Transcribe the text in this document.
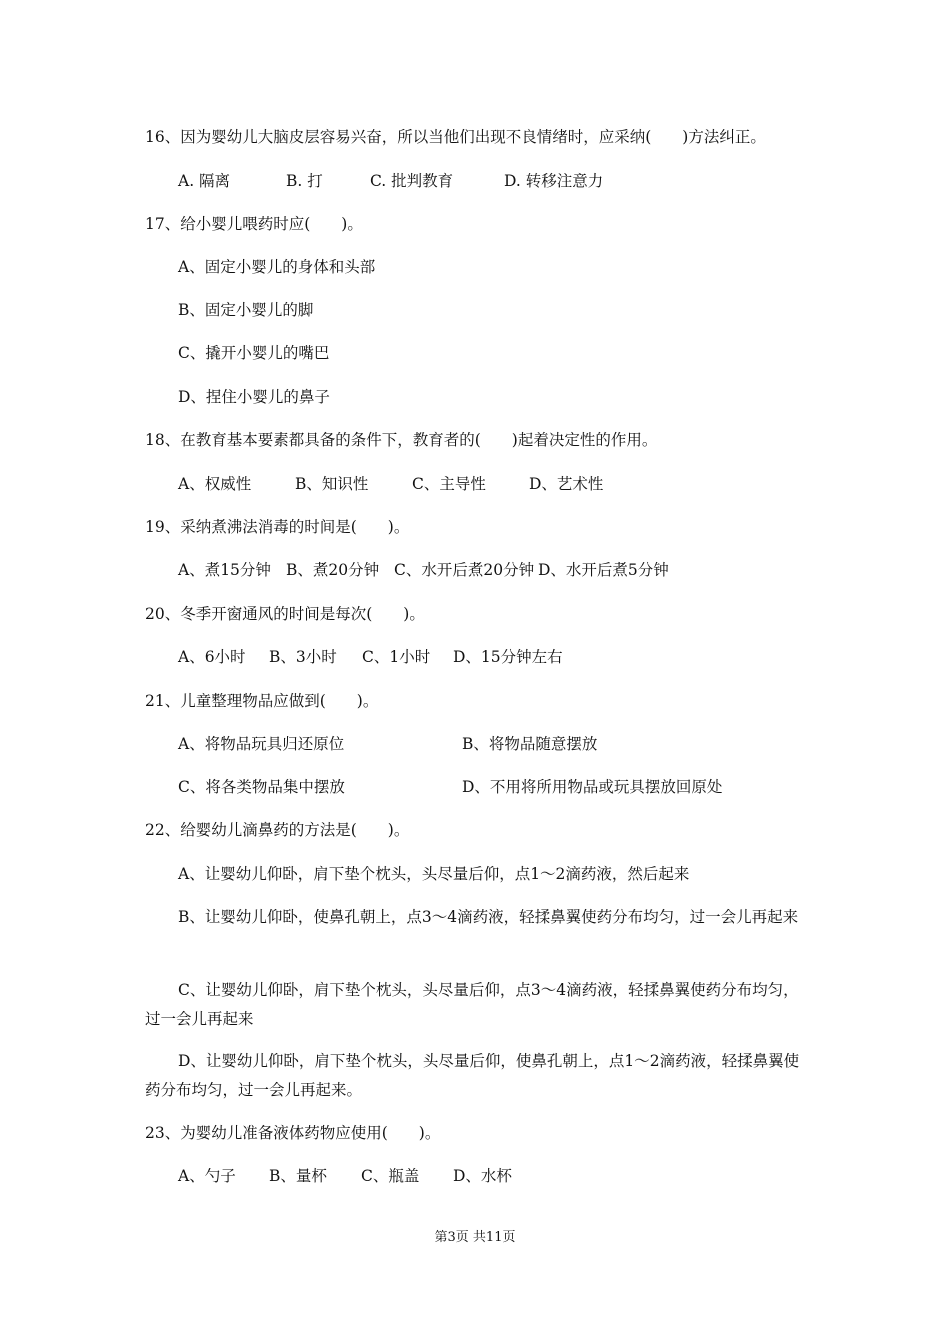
16、因为婴幼儿大脑皮层容易兴奋，所以当他们出现不良情绪时，应采纳(　　)方法纠正。
A. 隔离	B. 打	C. 批判教育	D. 转移注意力
17、给小婴儿喂药时应(　　)。
A、固定小婴儿的身体和头部
B、固定小婴儿的脚
C、撬开小婴儿的嘴巴
D、捏住小婴儿的鼻子
18、在教育基本要素都具备的条件下，教育者的(　　)起着决定性的作用。
A、权威性	B、知识性	C、主导性	D、艺术性
19、采纳煮沸法消毒的时间是(　　)。
A、煮15分钟 B、煮20分钟 C、水开后煮20分钟 D、水开后煮5分钟
20、冬季开窗通风的时间是每次(　　)。
A、6小时	B、3小时	C、1小时	D、15分钟左右
21、儿童整理物品应做到(　　)。
A、将物品玩具归还原位	B、将物品随意摆放
C、将各类物品集中摆放	D、不用将所用物品或玩具摆放回原处
22、给婴幼儿滴鼻药的方法是(　　)。
A、让婴幼儿仰卧，肩下垫个枕头，头尽量后仰，点1～2滴药液，然后起来
B、让婴幼儿仰卧，使鼻孔朝上，点3～4滴药液，轻揉鼻翼使药分布均匀，过一会儿再起来
C、让婴幼儿仰卧，肩下垫个枕头，头尽量后仰，点3～4滴药液，轻揉鼻翼使药分布均匀，过一会儿再起来
D、让婴幼儿仰卧，肩下垫个枕头，头尽量后仰，使鼻孔朝上，点1～2滴药液，轻揉鼻翼使药分布均匀，过一会儿再起来。
23、为婴幼儿准备液体药物应使用(　　)。
A、勺子	B、量杯	C、瓶盖	D、水杯
第3页 共11页
